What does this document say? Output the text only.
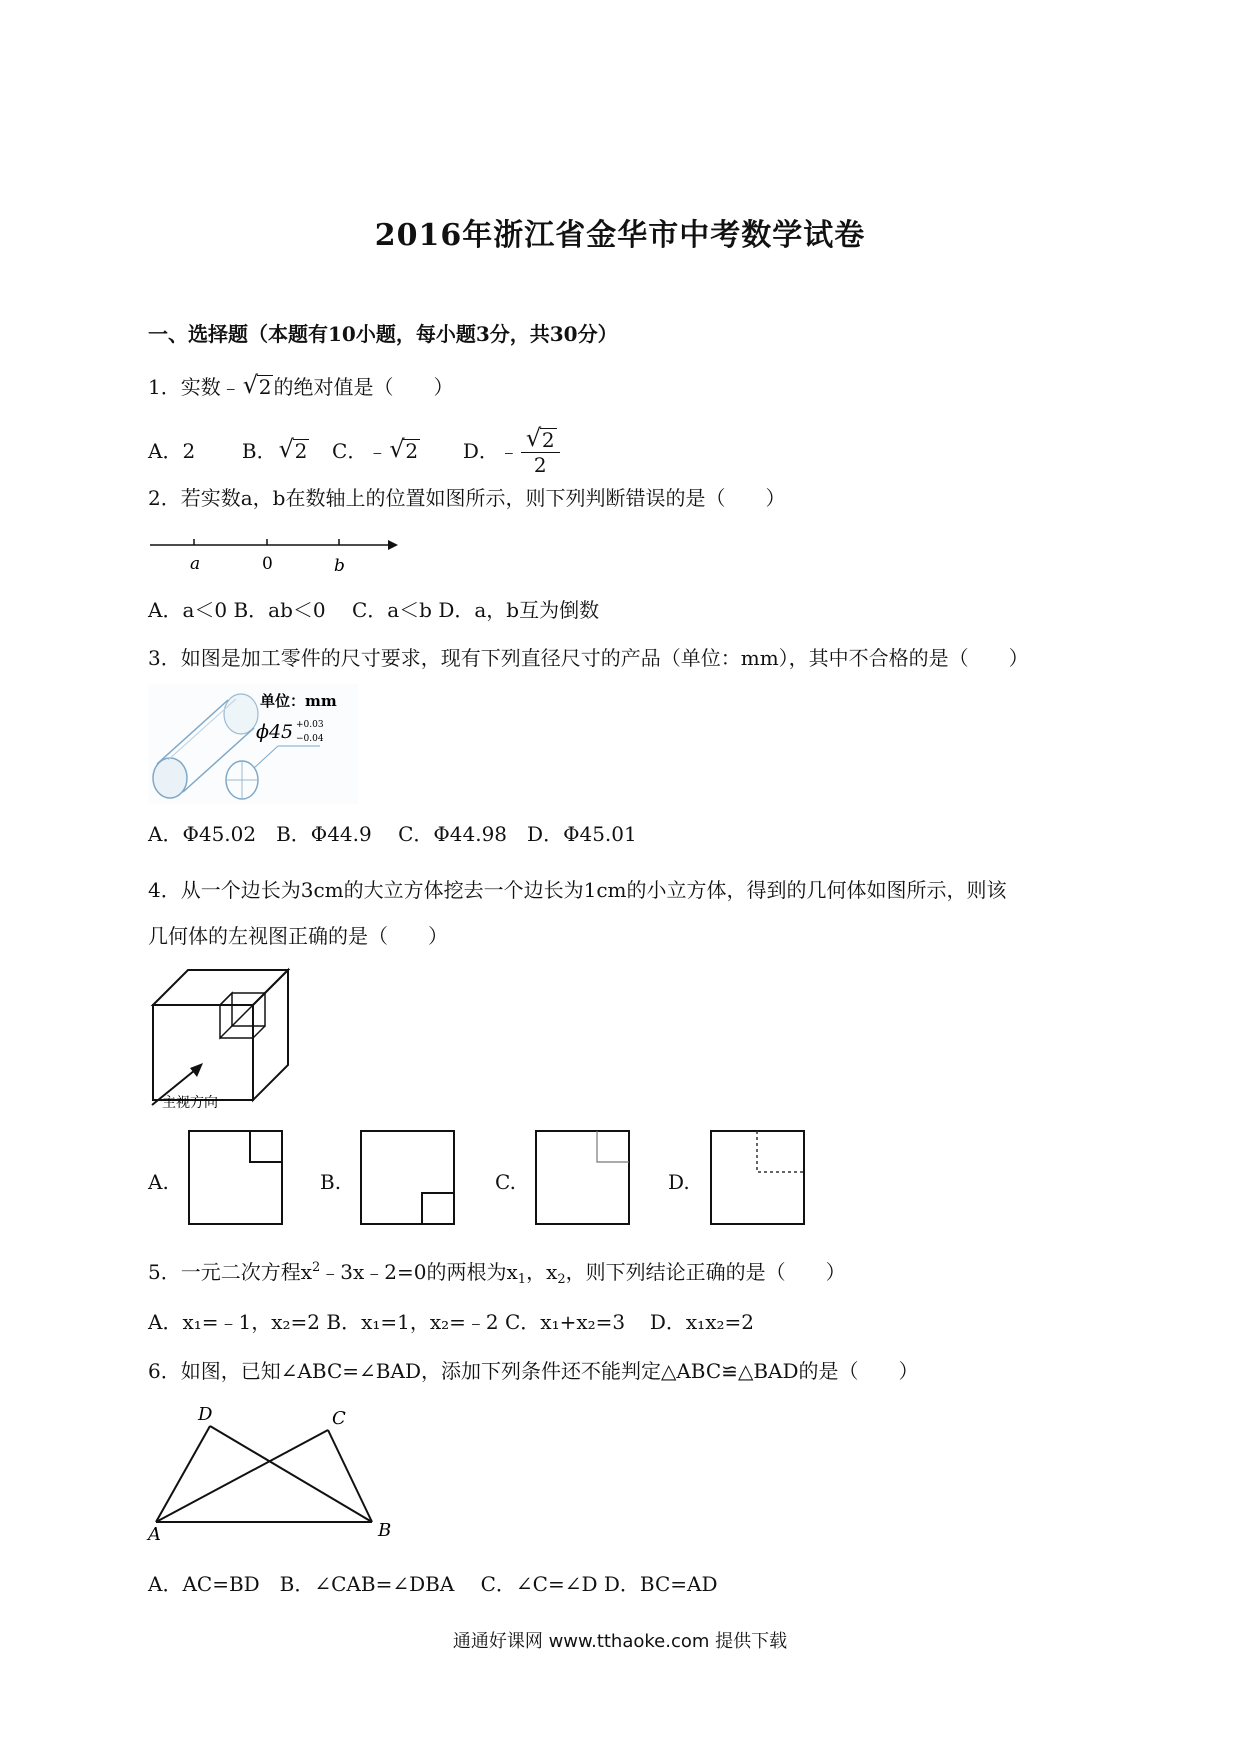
2016年浙江省金华市中考数学试卷
一、选择题（本题有10小题，每小题3分，共30分）
1．实数﹣ √ 2 的绝对值是（　　）
A．2 B． √ 2 C．﹣ √ 2 D．﹣ $\frac{√ 2}{2}$
2．若实数a，b在数轴上的位置如图所示，则下列判断错误的是（　　）
a	0	b
A．a＜0 B．ab＜0　 C．a＜b D．a，b互为倒数
3．如图是加工零件的尺寸要求，现有下列直径尺寸的产品（单位：mm），其中不合格的是（　　）
单位：mm
ϕ45 +0.03
−0.04
A．Φ45.02　B．Φ44.9　 C．Φ44.98　D．Φ45.01
4．从一个边长为3cm的大立方体挖去一个边长为1cm的小立方体，得到的几何体如图所示，则该
几何体的左视图正确的是（　　）
主视方向
A.	B.	C.	D.
5．一元二次方程$x^2﹣3x﹣2=0$的两根为$x_1$，$x_2$，则下列结论正确的是（　　）
A．x₁=﹣1，x₂=2 B．x₁=1，x₂=﹣2 C．x₁+x₂=3 D．x₁x₂=2
6．如图，已知∠ABC=∠BAD，添加下列条件还不能判定△ABC≌△BAD的是（　　）
A	B
C
D
A．AC=BD　B．∠CAB=∠DBA　 C．∠C=∠D D．BC=AD
通通好课网 www.tthaoke.com 提供下载
